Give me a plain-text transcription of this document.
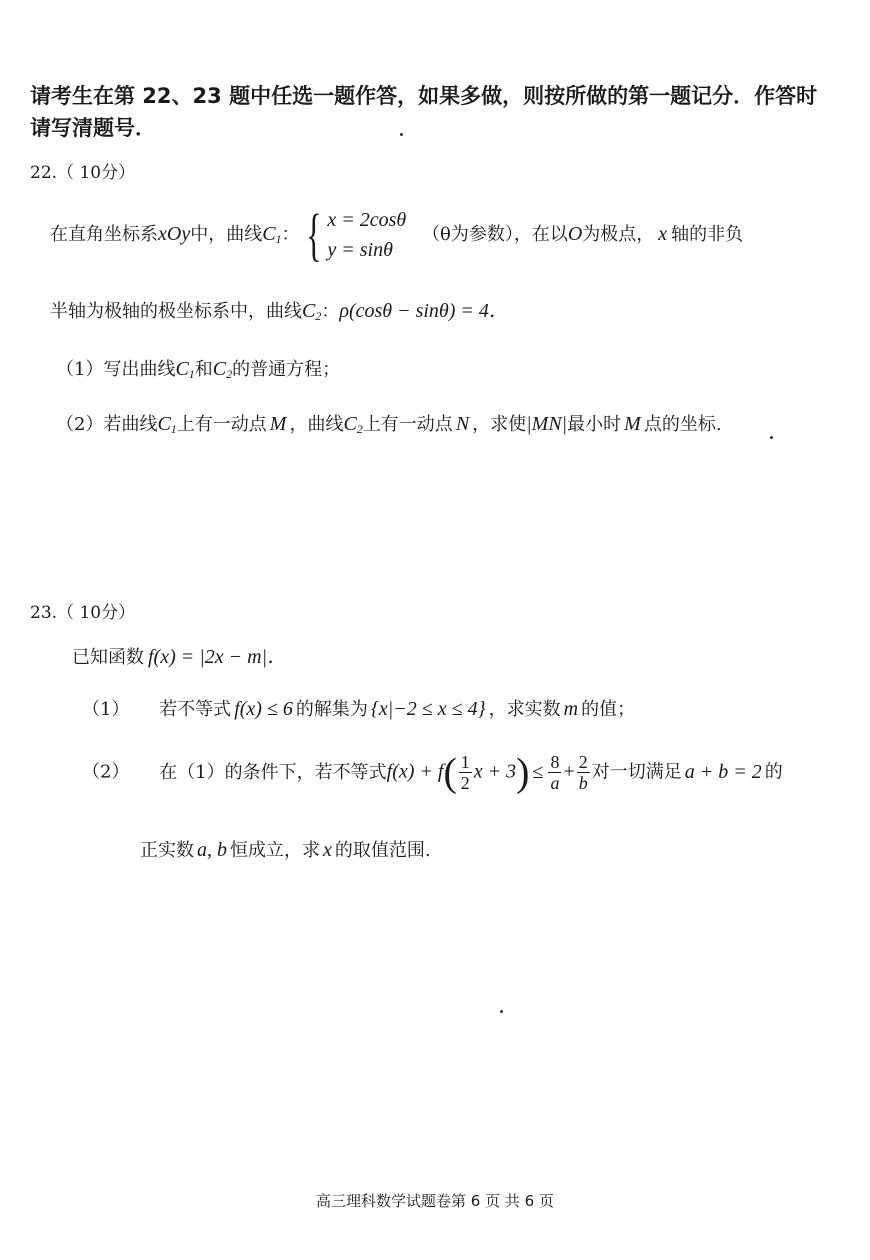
请考生在第 22、23 题中任选一题作答，如果多做，则按所做的第一题记分．作答时请写清题号．
22.（ 10分）
在直角坐标系xOy中，曲线$C_1$： { x = 2cosθ
y = sinθ
（θ为参数），在以O为极点， x 轴的非负
半轴为极轴的极坐标系中，曲线$C_2$：ρ(cosθ − sinθ) = 4．
（1）写出曲线$C_1$和$C_2$的普通方程；
（2）若曲线$C_1$上有一动点 M ，曲线$C_2$上有一动点 N ，求使|MN|最小时 M 点的坐标.
23.（ 10分）
已知函数 f(x) = |2x − m|．
（1） 若不等式 f(x) ≤ 6 的解集为 {x|−2 ≤ x ≤ 4} ，求实数 m 的值；
（2） 在（1）的条件下，若不等式$f(x) + f( \frac{1}{2}$ $x + 3) \le \frac{8}{a} + \frac{2}{b}$ 对一切满足 a + b = 2 的
正实数 a, b 恒成立，求 x 的取值范围.
高三理科数学试题卷第 6 页 共 6 页
